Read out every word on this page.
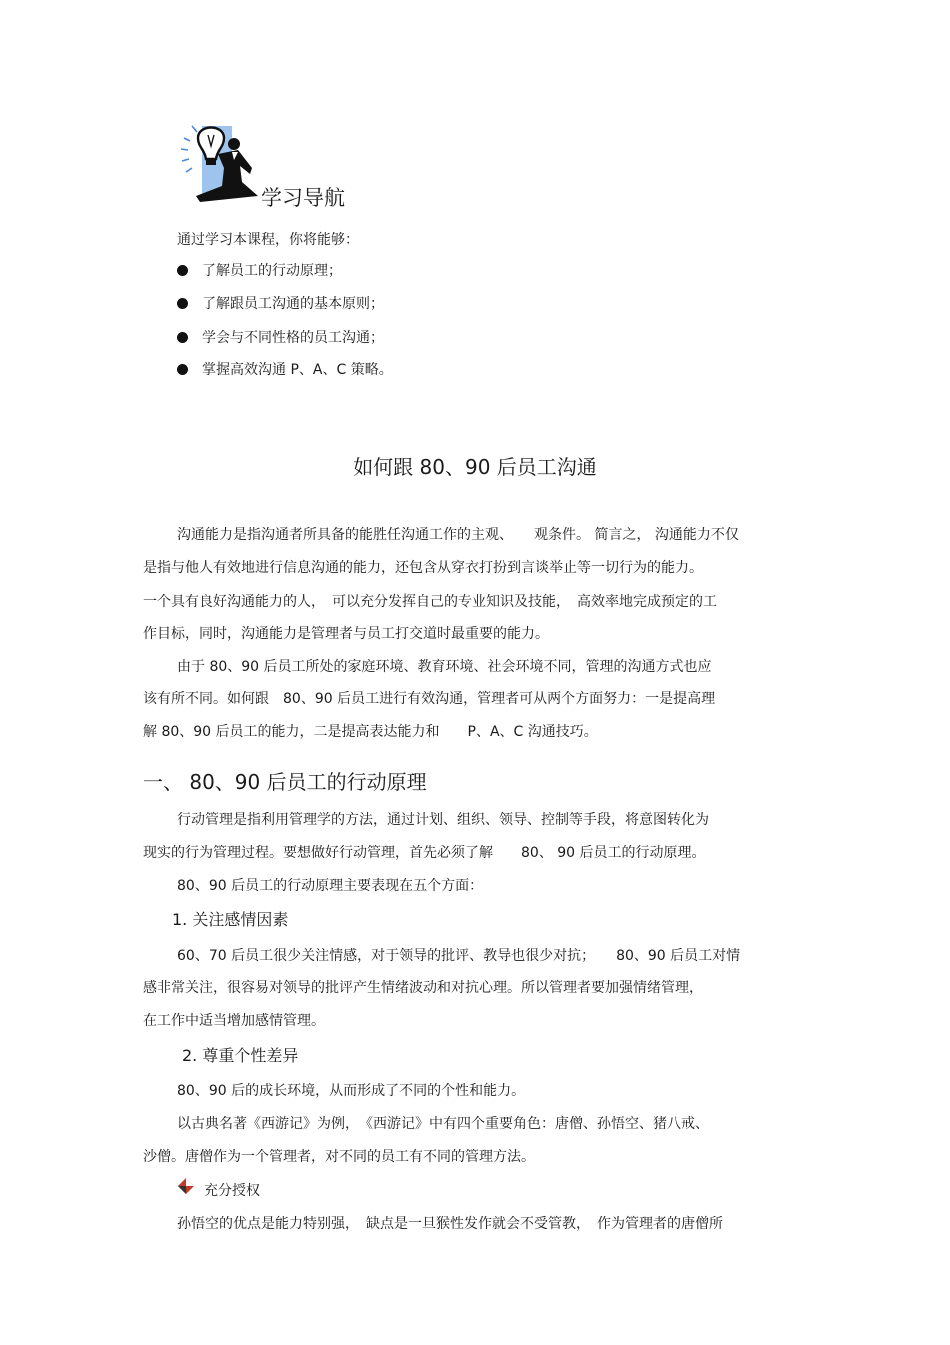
学习导航
通过学习本课程，你将能够：
了解员工的行动原理；
了解跟员工沟通的基本原则；
学会与不同性格的员工沟通；
掌握高效沟通 P、A、C 策略。
如何跟 80、90 后员工沟通
沟通能力是指沟通者所具备的能胜任沟通工作的主观、　　观条件。 简言之， 沟通能力不仅
是指与他人有效地进行信息沟通的能力，还包含从穿衣打扮到言谈举止等一切行为的能力。
一个具有良好沟通能力的人，　可以充分发挥自己的专业知识及技能，　高效率地完成预定的工
作目标，同时，沟通能力是管理者与员工打交道时最重要的能力。
由于 80、90 后员工所处的家庭环境、教育环境、社会环境不同，管理的沟通方式也应
该有所不同。如何跟　80、90 后员工进行有效沟通，管理者可从两个方面努力：一是提高理
解 80、90 后员工的能力，二是提高表达能力和　　P、A、C 沟通技巧。
一、 80、90 后员工的行动原理
行动管理是指利用管理学的方法，通过计划、组织、领导、控制等手段，将意图转化为
现实的行为管理过程。要想做好行动管理，首先必须了解　　80、 90 后员工的行动原理。
80、90 后员工的行动原理主要表现在五个方面：
1. 关注感情因素
60、70 后员工很少关注情感，对于领导的批评、教导也很少对抗；　　80、90 后员工对情
感非常关注，很容易对领导的批评产生情绪波动和对抗心理。所以管理者要加强情绪管理，
在工作中适当增加感情管理。
2. 尊重个性差异
80、90 后的成长环境，从而形成了不同的个性和能力。
以古典名著《西游记》为例，　《西游记》中有四个重要角色：唐僧、孙悟空、猪八戒、
沙僧。唐僧作为一个管理者，对不同的员工有不同的管理方法。
充分授权
孙悟空的优点是能力特别强，　缺点是一旦猴性发作就会不受管教，　作为管理者的唐僧所
